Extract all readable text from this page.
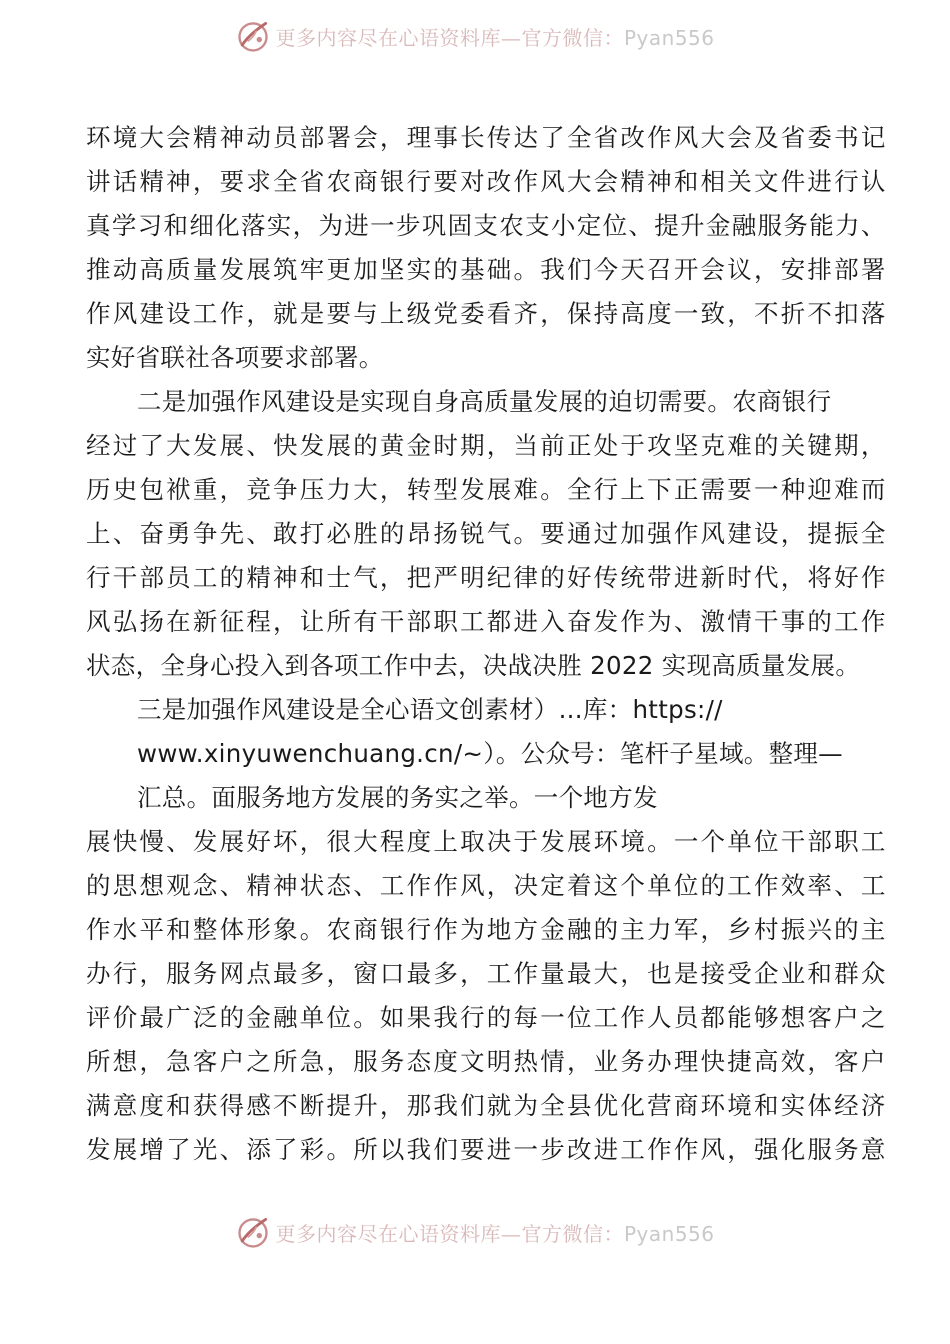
更多内容尽在心语资料库—官方微信：Pyan556
环 境 大 会 精 神 动 员 部 署 会 ， 理 事 长 传 达 了 全 省 改 作 风 大 会 及 省 委 书 记
讲 话 精 神 ， 要 求 全 省 农 商 银 行 要 对 改 作 风 大 会 精 神 和 相 关 文 件 进 行 认
真 学 习 和 细 化 落 实 ， 为 进 一 步 巩 固 支 农 支 小 定 位 、 提 升 金 融 服 务 能 力 、
推 动 高 质 量 发 展 筑 牢 更 加 坚 实 的 基 础 。 我 们 今 天 召 开 会 议 ， 安 排 部 署
作 风 建 设 工 作 ， 就 是 要 与 上 级 党 委 看 齐 ， 保 持 高 度 一 致 ， 不 折 不 扣 落
实好省联社各项要求部署。
二是加强作风建设是实现自身高质量发展的迫切需要。农商银行
经 过 了 大 发 展 、 快 发 展 的 黄 金 时 期 ， 当 前 正 处 于 攻 坚 克 难 的 关 键 期 ，
历 史 包 袱 重 ， 竞 争 压 力 大 ， 转 型 发 展 难 。 全 行 上 下 正 需 要 一 种 迎 难 而
上 、 奋 勇 争 先 、 敢 打 必 胜 的 昂 扬 锐 气 。 要 通 过 加 强 作 风 建 设 ， 提 振 全
行 干 部 员 工 的 精 神 和 士 气 ， 把 严 明 纪 律 的 好 传 统 带 进 新 时 代 ， 将 好 作
风 弘 扬 在 新 征 程 ， 让 所 有 干 部 职 工 都 进 入 奋 发 作 为 、 激 情 干 事 的 工 作
状态，全身心投入到各项工作中去，决战决胜 2022 实现高质量发展。
三是加强作风建设是全心语文创素材）...库：https://
www.xinyuwenchuang.cn/~）。公众号：笔杆子星域。整理—
汇总。面服务地方发展的务实之举。一个地方发
展 快 慢 、 发 展 好 坏 ， 很 大 程 度 上 取 决 于 发 展 环 境 。 一 个 单 位 干 部 职 工
的 思 想 观 念 、 精 神 状 态 、 工 作 作 风 ， 决 定 着 这 个 单 位 的 工 作 效 率 、 工
作 水 平 和 整 体 形 象 。 农 商 银 行 作 为 地 方 金 融 的 主 力 军 ， 乡 村 振 兴 的 主
办 行 ， 服 务 网 点 最 多 ， 窗 口 最 多 ， 工 作 量 最 大 ， 也 是 接 受 企 业 和 群 众
评 价 最 广 泛 的 金 融 单 位 。 如 果 我 行 的 每 一 位 工 作 人 员 都 能 够 想 客 户 之
所 想 ， 急 客 户 之 所 急 ， 服 务 态 度 文 明 热 情 ， 业 务 办 理 快 捷 高 效 ， 客 户
满 意 度 和 获 得 感 不 断 提 升 ， 那 我 们 就 为 全 县 优 化 营 商 环 境 和 实 体 经 济
发 展 增 了 光 、 添 了 彩 。 所 以 我 们 要 进 一 步 改 进 工 作 作 风 ， 强 化 服 务 意
更多内容尽在心语资料库—官方微信：Pyan556
